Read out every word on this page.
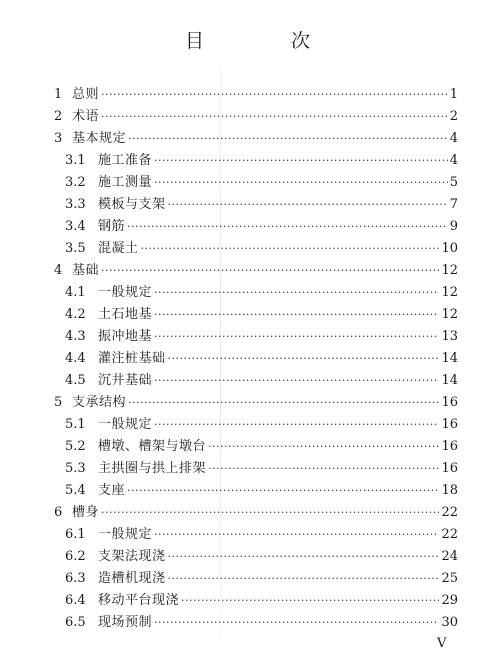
目　次
1 总则 ·····	1
2 术语 ·····	2
3 基本规定 ·····	4
3.1 施工准备 ·····	4
3.2 施工测量 ·····	5
3.3 模板与支架 ·····	7
3.4 钢筋 ·····	9
3.5 混凝土 ·····	10
4 基础 ·····	12
4.1 一般规定 ·····	12
4.2 土石地基 ·····	12
4.3 振冲地基 ·····	13
4.4 灌注桩基础 ·····	14
4.5 沉井基础 ·····	14
5 支承结构 ·····	16
5.1 一般规定 ·····	16
5.2 槽墩、槽架与墩台 ·····	16
5.3 主拱圈与拱上排架 ·····	16
5.4 支座 ·····	18
6 槽身 ·····	22
6.1 一般规定 ·····	22
6.2 支架法现浇 ·····	24
6.3 造槽机现浇 ·····	25
6.4 移动平台现浇 ·····	29
6.5 现场预制 ·····	30
V
